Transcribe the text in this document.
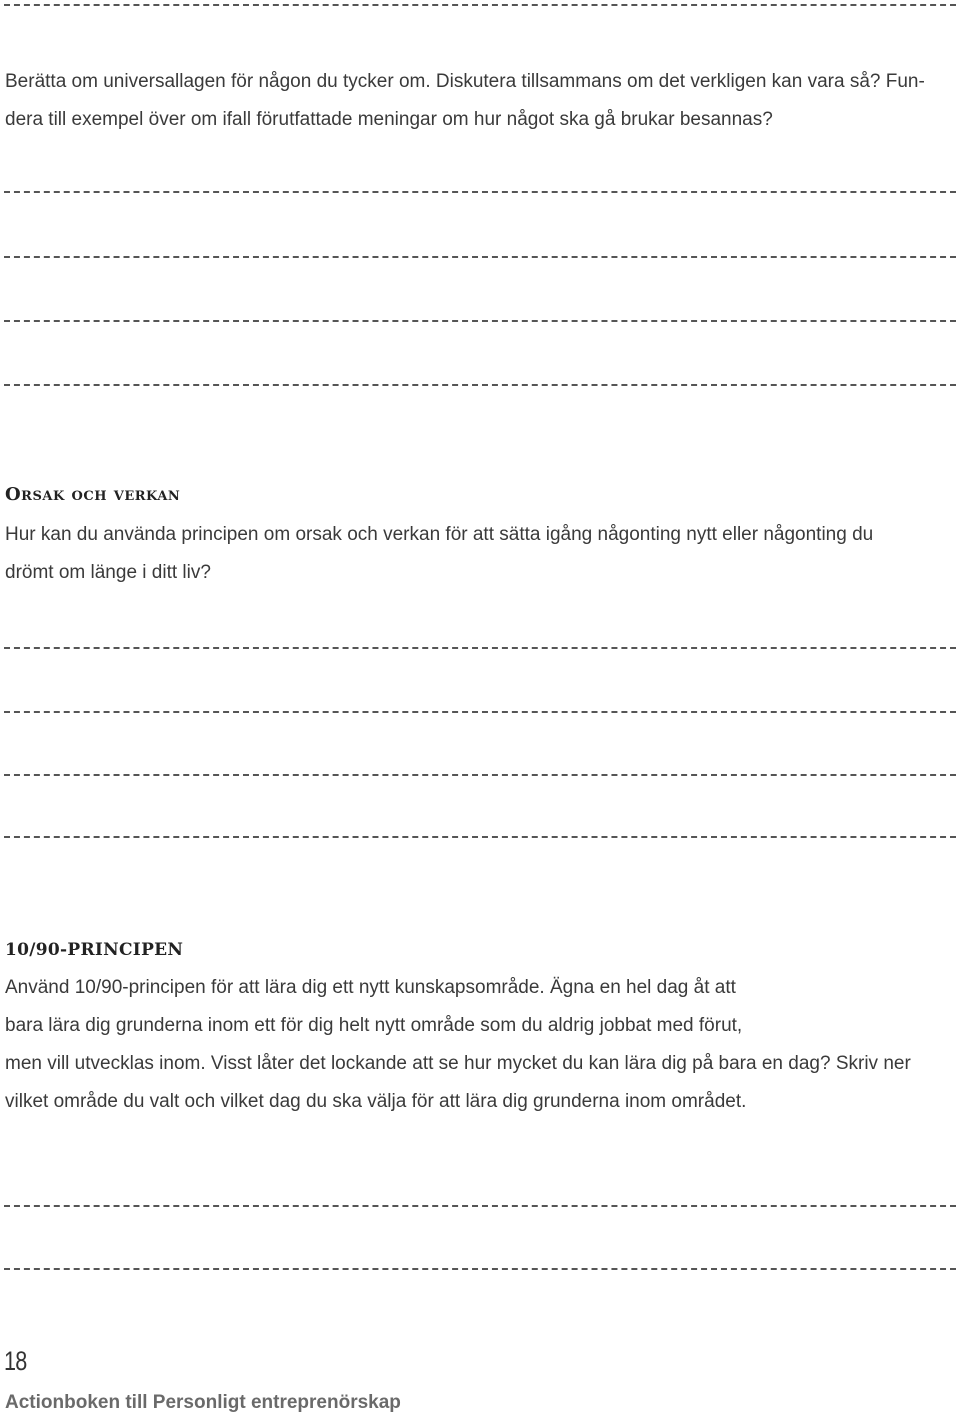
Berätta om universallagen för någon du tycker om. Diskutera tillsammans om det verkligen kan vara så? Fun-
dera till exempel över om ifall förutfattade meningar om hur något ska gå brukar besannas?
Orsak och verkan
Hur kan du använda principen om orsak och verkan för att sätta igång någonting nytt eller någonting du
drömt om länge i ditt liv?
10/90-PRINCIPEN
Använd 10/90-principen för att lära dig ett nytt kunskapsområde. Ägna en hel dag åt att
bara lära dig grunderna inom ett för dig helt nytt område som du aldrig jobbat med förut,
men vill utvecklas inom. Visst låter det lockande att se hur mycket du kan lära dig på bara en dag? Skriv ner
vilket område du valt och vilket dag du ska välja för att lära dig grunderna inom området.
18
Actionboken till Personligt entreprenörskap
